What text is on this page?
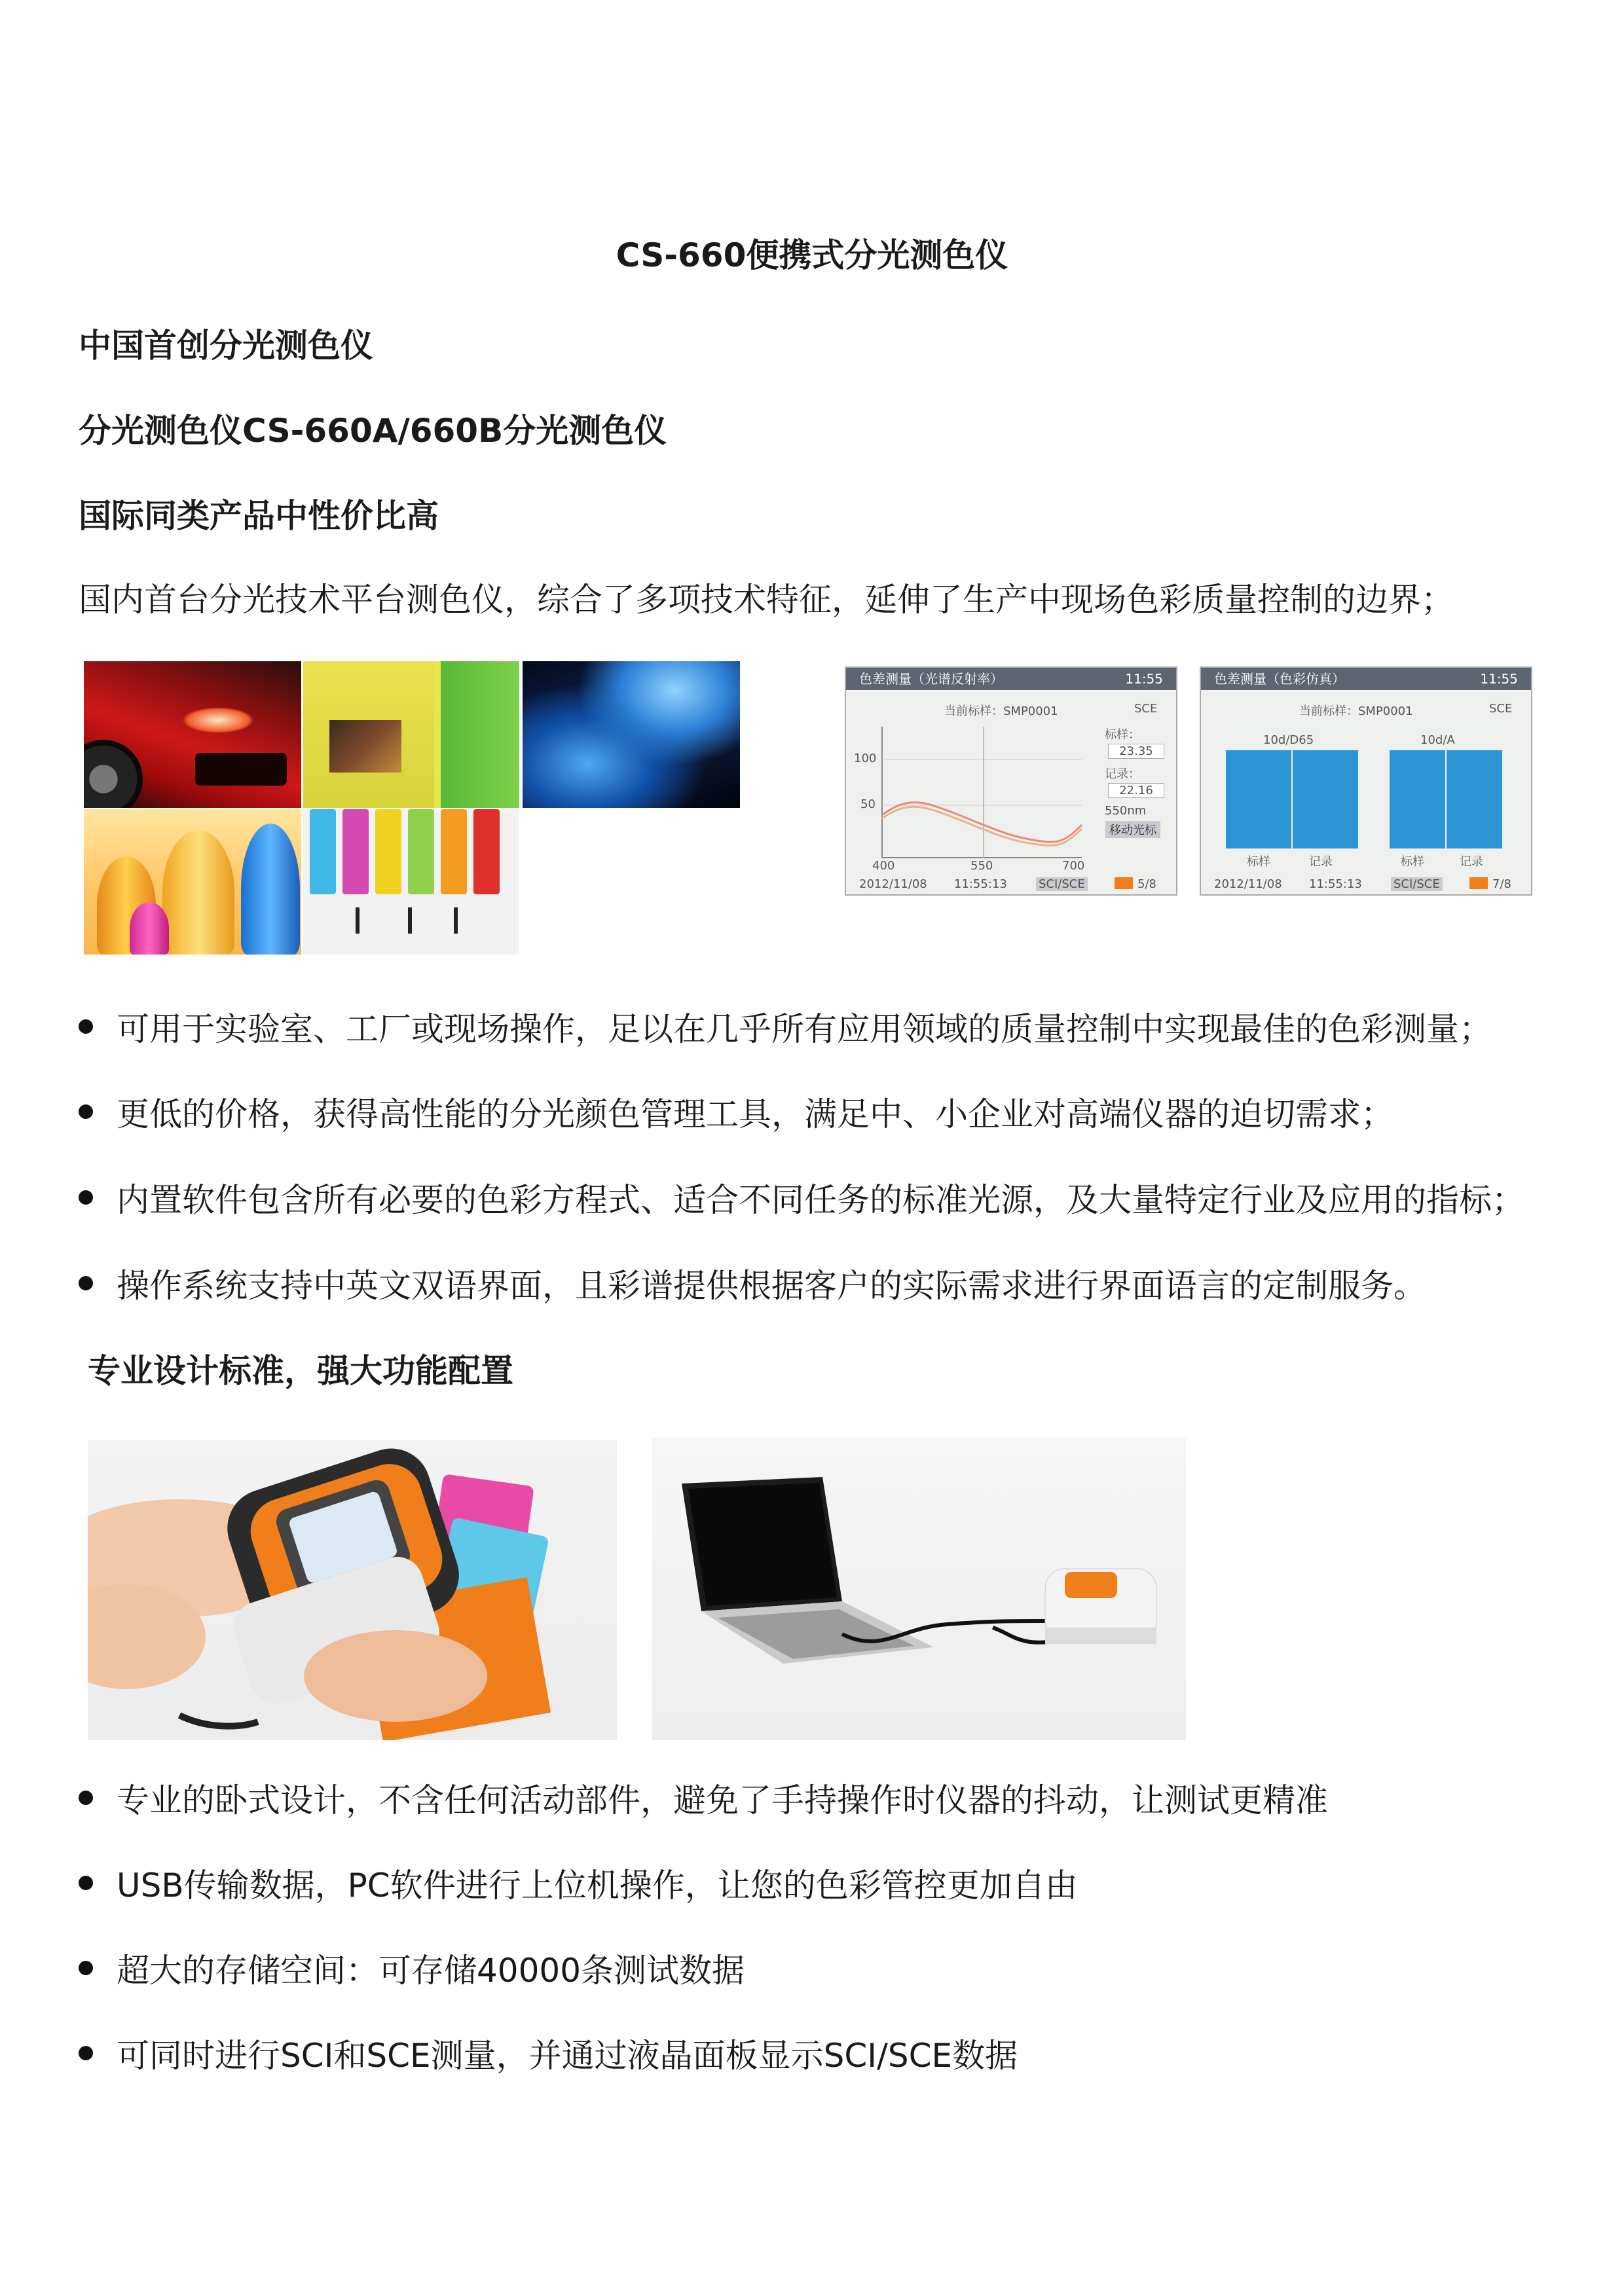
CS-660便携式分光测色仪
中国首创分光测色仪
分光测色仪CS-660A/660B分光测色仪
国际同类产品中性价比高
国内首台分光技术平台测色仪，综合了多项技术特征，延伸了生产中现场色彩质量控制的边界；
色差测量（光谱反射率）	11:55
当前标样：SMP0001	SCE
100
50
400	550	700
标样：
23.35
记录：
22.16
550nm
移动光标
2012/11/08 11:55:13	SCI/SCE	5/8
色差测量（色彩仿真）	11:55
当前标样：SMP0001	SCE
10d/D65	10d/A
标样	记录	标样	记录
2012/11/08 11:55:13	SCI/SCE	7/8
可用于实验室、工厂或现场操作，足以在几乎所有应用领域的质量控制中实现最佳的色彩测量；
更低的价格，获得高性能的分光颜色管理工具，满足中、小企业对高端仪器的迫切需求；
内置软件包含所有必要的色彩方程式、适合不同任务的标准光源，及大量特定行业及应用的指标；
操作系统支持中英文双语界面，且彩谱提供根据客户的实际需求进行界面语言的定制服务。
专业设计标准，强大功能配置
专业的卧式设计，不含任何活动部件，避免了手持操作时仪器的抖动，让测试更精准
USB传输数据，PC软件进行上位机操作，让您的色彩管控更加自由
超大的存储空间：可存储40000条测试数据
可同时进行SCI和SCE测量，并通过液晶面板显示SCI/SCE数据
